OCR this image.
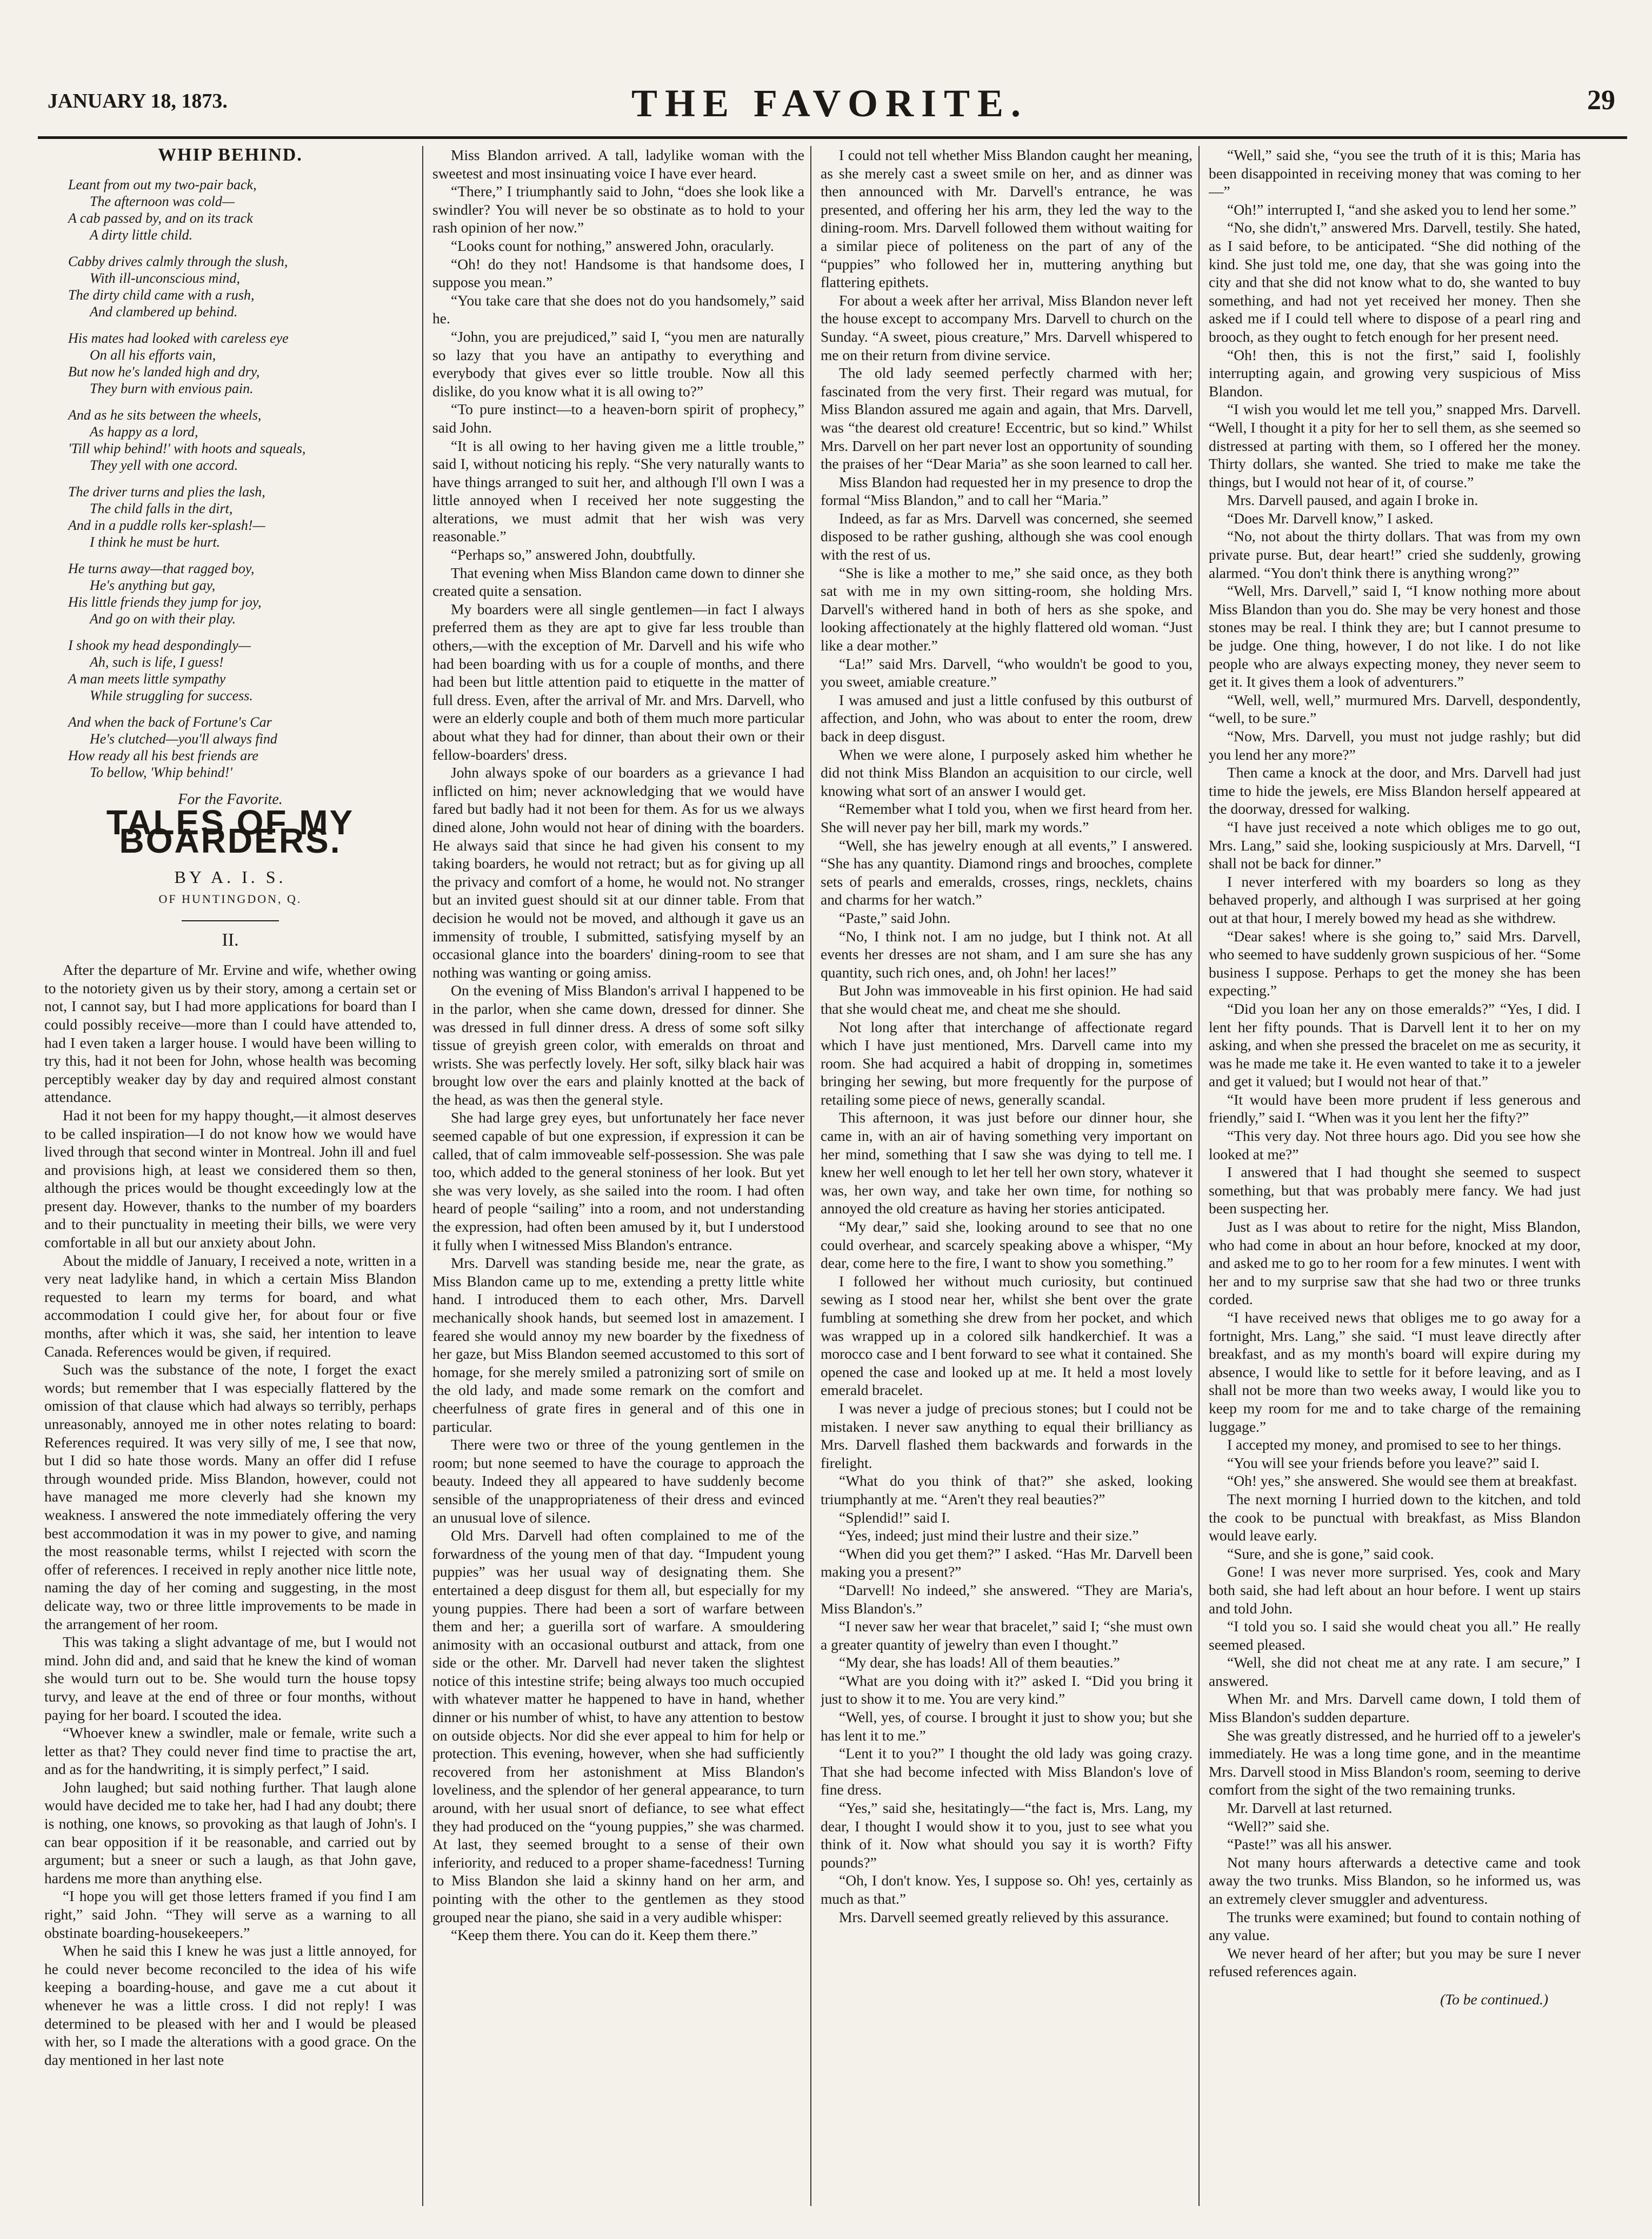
JANUARY 18, 1873.	THE FAVORITE.	29
WHIP BEHIND.
Leant from out my two-pair back,
The afternoon was cold—
A cab passed by, and on its track
A dirty little child.
Cabby drives calmly through the slush,
With ill-unconscious mind,
The dirty child came with a rush,
And clambered up behind.
His mates had looked with careless eye
On all his efforts vain,
But now he's landed high and dry,
They burn with envious pain.
And as he sits between the wheels,
As happy as a lord,
'Till whip behind!' with hoots and squeals,
They yell with one accord.
The driver turns and plies the lash,
The child falls in the dirt,
And in a puddle rolls ker-splash!—
I think he must be hurt.
He turns away—that ragged boy,
He's anything but gay,
His little friends they jump for joy,
And go on with their play.
I shook my head despondingly—
Ah, such is life, I guess!
A man meets little sympathy
While struggling for success.
And when the back of Fortune's Car
He's clutched—you'll always find
How ready all his best friends are
To bellow, 'Whip behind!'
For the Favorite.
TALES OF MY BOARDERS.
BY A. I. S.
OF HUNTINGDON, Q.
II.

After the departure of Mr. Ervine and wife, whether owing to the notoriety given us by their story, among a certain set or not, I cannot say, but I had more applications for board than I could possibly receive—more than I could have attended to, had I even taken a larger house. I would have been willing to try this, had it not been for John, whose health was becoming perceptibly weaker day by day and required almost constant attendance.

Had it not been for my happy thought,—it almost deserves to be called inspiration—I do not know how we would have lived through that second winter in Montreal. John ill and fuel and provisions high, at least we considered them so then, although the prices would be thought exceedingly low at the present day. However, thanks to the number of my boarders and to their punctuality in meeting their bills, we were very comfortable in all but our anxiety about John.

About the middle of January, I received a note, written in a very neat ladylike hand, in which a certain Miss Blandon requested to learn my terms for board, and what accommodation I could give her, for about four or five months, after which it was, she said, her intention to leave Canada. References would be given, if required.

Such was the substance of the note, I forget the exact words; but remember that I was especially flattered by the omission of that clause which had always so terribly, perhaps unreasonably, annoyed me in other notes relating to board: References required. It was very silly of me, I see that now, but I did so hate those words. Many an offer did I refuse through wounded pride. Miss Blandon, however, could not have managed me more cleverly had she known my weakness. I answered the note immediately offering the very best accommodation it was in my power to give, and naming the most reasonable terms, whilst I rejected with scorn the offer of references. I received in reply another nice little note, naming the day of her coming and suggesting, in the most delicate way, two or three little improvements to be made in the arrangement of her room.

This was taking a slight advantage of me, but I would not mind. John did and, and said that he knew the kind of woman she would turn out to be. She would turn the house topsy turvy, and leave at the end of three or four months, without paying for her board. I scouted the idea.

“Whoever knew a swindler, male or female, write such a letter as that? They could never find time to practise the art, and as for the handwriting, it is simply perfect,” I said.

John laughed; but said nothing further. That laugh alone would have decided me to take her, had I had any doubt; there is nothing, one knows, so provoking as that laugh of John's. I can bear opposition if it be reasonable, and carried out by argument; but a sneer or such a laugh, as that John gave, hardens me more than anything else.

“I hope you will get those letters framed if you find I am right,” said John. “They will serve as a warning to all obstinate boarding-housekeepers.”

When he said this I knew he was just a little annoyed, for he could never become reconciled to the idea of his wife keeping a boarding-house, and gave me a cut about it whenever he was a little cross. I did not reply! I was determined to be pleased with her and I would be pleased with her, so I made the alterations with a good grace. On the day mentioned in her last note

Miss Blandon arrived. A tall, ladylike woman with the sweetest and most insinuating voice I have ever heard.

“There,” I triumphantly said to John, “does she look like a swindler? You will never be so obstinate as to hold to your rash opinion of her now.”

“Looks count for nothing,” answered John, oracularly.

“Oh! do they not! Handsome is that handsome does, I suppose you mean.”

“You take care that she does not do you handsomely,” said he.

“John, you are prejudiced,” said I, “you men are naturally so lazy that you have an antipathy to everything and everybody that gives ever so little trouble. Now all this dislike, do you know what it is all owing to?”

“To pure instinct—to a heaven-born spirit of prophecy,” said John.

“It is all owing to her having given me a little trouble,” said I, without noticing his reply. “She very naturally wants to have things arranged to suit her, and although I'll own I was a little annoyed when I received her note suggesting the alterations, we must admit that her wish was very reasonable.”

“Perhaps so,” answered John, doubtfully.

That evening when Miss Blandon came down to dinner she created quite a sensation.

My boarders were all single gentlemen—in fact I always preferred them as they are apt to give far less trouble than others,—with the exception of Mr. Darvell and his wife who had been boarding with us for a couple of months, and there had been but little attention paid to etiquette in the matter of full dress. Even, after the arrival of Mr. and Mrs. Darvell, who were an elderly couple and both of them much more particular about what they had for dinner, than about their own or their fellow-boarders' dress.

John always spoke of our boarders as a grievance I had inflicted on him; never acknowledging that we would have fared but badly had it not been for them. As for us we always dined alone, John would not hear of dining with the boarders. He always said that since he had given his consent to my taking boarders, he would not retract; but as for giving up all the privacy and comfort of a home, he would not. No stranger but an invited guest should sit at our dinner table. From that decision he would not be moved, and although it gave us an immensity of trouble, I submitted, satisfying myself by an occasional glance into the boarders' dining-room to see that nothing was wanting or going amiss.

On the evening of Miss Blandon's arrival I happened to be in the parlor, when she came down, dressed for dinner. She was dressed in full dinner dress. A dress of some soft silky tissue of greyish green color, with emeralds on throat and wrists. She was perfectly lovely. Her soft, silky black hair was brought low over the ears and plainly knotted at the back of the head, as was then the general style.

She had large grey eyes, but unfortunately her face never seemed capable of but one expression, if expression it can be called, that of calm immoveable self-possession. She was pale too, which added to the general stoniness of her look. But yet she was very lovely, as she sailed into the room. I had often heard of people “sailing” into a room, and not understanding the expression, had often been amused by it, but I understood it fully when I witnessed Miss Blandon's entrance.

Mrs. Darvell was standing beside me, near the grate, as Miss Blandon came up to me, extending a pretty little white hand. I introduced them to each other, Mrs. Darvell mechanically shook hands, but seemed lost in amazement. I feared she would annoy my new boarder by the fixedness of her gaze, but Miss Blandon seemed accustomed to this sort of homage, for she merely smiled a patronizing sort of smile on the old lady, and made some remark on the comfort and cheerfulness of grate fires in general and of this one in particular.

There were two or three of the young gentlemen in the room; but none seemed to have the courage to approach the beauty. Indeed they all appeared to have suddenly become sensible of the unappropriateness of their dress and evinced an unusual love of silence.

Old Mrs. Darvell had often complained to me of the forwardness of the young men of that day. “Impudent young puppies” was her usual way of designating them. She entertained a deep disgust for them all, but especially for my young puppies. There had been a sort of warfare between them and her; a guerilla sort of warfare. A smouldering animosity with an occasional outburst and attack, from one side or the other. Mr. Darvell had never taken the slightest notice of this intestine strife; being always too much occupied with whatever matter he happened to have in hand, whether dinner or his number of whist, to have any attention to bestow on outside objects. Nor did she ever appeal to him for help or protection. This evening, however, when she had sufficiently recovered from her astonishment at Miss Blandon's loveliness, and the splendor of her general appearance, to turn around, with her usual snort of defiance, to see what effect they had produced on the “young puppies,” she was charmed. At last, they seemed brought to a sense of their own inferiority, and reduced to a proper shame-facedness! Turning to Miss Blandon she laid a skinny hand on her arm, and pointing with the other to the gentlemen as they stood grouped near the piano, she said in a very audible whisper:

“Keep them there. You can do it. Keep them there.”

I could not tell whether Miss Blandon caught her meaning, as she merely cast a sweet smile on her, and as dinner was then announced with Mr. Darvell's entrance, he was presented, and offering her his arm, they led the way to the dining-room. Mrs. Darvell followed them without waiting for a similar piece of politeness on the part of any of the “puppies” who followed her in, muttering anything but flattering epithets.

For about a week after her arrival, Miss Blandon never left the house except to accompany Mrs. Darvell to church on the Sunday. “A sweet, pious creature,” Mrs. Darvell whispered to me on their return from divine service.

The old lady seemed perfectly charmed with her; fascinated from the very first. Their regard was mutual, for Miss Blandon assured me again and again, that Mrs. Darvell, was “the dearest old creature! Eccentric, but so kind.” Whilst Mrs. Darvell on her part never lost an opportunity of sounding the praises of her “Dear Maria” as she soon learned to call her.

Miss Blandon had requested her in my presence to drop the formal “Miss Blandon,” and to call her “Maria.”

Indeed, as far as Mrs. Darvell was concerned, she seemed disposed to be rather gushing, although she was cool enough with the rest of us.

“She is like a mother to me,” she said once, as they both sat with me in my own sitting-room, she holding Mrs. Darvell's withered hand in both of hers as she spoke, and looking affectionately at the highly flattered old woman. “Just like a dear mother.”

“La!” said Mrs. Darvell, “who wouldn't be good to you, you sweet, amiable creature.”

I was amused and just a little confused by this outburst of affection, and John, who was about to enter the room, drew back in deep disgust.

When we were alone, I purposely asked him whether he did not think Miss Blandon an acquisition to our circle, well knowing what sort of an answer I would get.

“Remember what I told you, when we first heard from her. She will never pay her bill, mark my words.”

“Well, she has jewelry enough at all events,” I answered. “She has any quantity. Diamond rings and brooches, complete sets of pearls and emeralds, crosses, rings, necklets, chains and charms for her watch.”

“Paste,” said John.

“No, I think not. I am no judge, but I think not. At all events her dresses are not sham, and I am sure she has any quantity, such rich ones, and, oh John! her laces!”

But John was immoveable in his first opinion. He had said that she would cheat me, and cheat me she should.

Not long after that interchange of affectionate regard which I have just mentioned, Mrs. Darvell came into my room. She had acquired a habit of dropping in, sometimes bringing her sewing, but more frequently for the purpose of retailing some piece of news, generally scandal.

This afternoon, it was just before our dinner hour, she came in, with an air of having something very important on her mind, something that I saw she was dying to tell me. I knew her well enough to let her tell her own story, whatever it was, her own way, and take her own time, for nothing so annoyed the old creature as having her stories anticipated.

“My dear,” said she, looking around to see that no one could overhear, and scarcely speaking above a whisper, “My dear, come here to the fire, I want to show you something.”

I followed her without much curiosity, but continued sewing as I stood near her, whilst she bent over the grate fumbling at something she drew from her pocket, and which was wrapped up in a colored silk handkerchief. It was a morocco case and I bent forward to see what it contained. She opened the case and looked up at me. It held a most lovely emerald bracelet.

I was never a judge of precious stones; but I could not be mistaken. I never saw anything to equal their brilliancy as Mrs. Darvell flashed them backwards and forwards in the firelight.

“What do you think of that?” she asked, looking triumphantly at me. “Aren't they real beauties?”

“Splendid!” said I.

“Yes, indeed; just mind their lustre and their size.”

“When did you get them?” I asked. “Has Mr. Darvell been making you a present?”

“Darvell! No indeed,” she answered. “They are Maria's, Miss Blandon's.”

“I never saw her wear that bracelet,” said I; “she must own a greater quantity of jewelry than even I thought.”

“My dear, she has loads! All of them beauties.”

“What are you doing with it?” asked I. “Did you bring it just to show it to me. You are very kind.”

“Well, yes, of course. I brought it just to show you; but she has lent it to me.”

“Lent it to you?” I thought the old lady was going crazy. That she had become infected with Miss Blandon's love of fine dress.

“Yes,” said she, hesitatingly—“the fact is, Mrs. Lang, my dear, I thought I would show it to you, just to see what you think of it. Now what should you say it is worth? Fifty pounds?”

“Oh, I don't know. Yes, I suppose so. Oh! yes, certainly as much as that.”

Mrs. Darvell seemed greatly relieved by this assurance.

“Well,” said she, “you see the truth of it is this; Maria has been disappointed in receiving money that was coming to her—”

“Oh!” interrupted I, “and she asked you to lend her some.”

“No, she didn't,” answered Mrs. Darvell, testily. She hated, as I said before, to be anticipated. “She did nothing of the kind. She just told me, one day, that she was going into the city and that she did not know what to do, she wanted to buy something, and had not yet received her money. Then she asked me if I could tell where to dispose of a pearl ring and brooch, as they ought to fetch enough for her present need.

“Oh! then, this is not the first,” said I, foolishly interrupting again, and growing very suspicious of Miss Blandon.

“I wish you would let me tell you,” snapped Mrs. Darvell. “Well, I thought it a pity for her to sell them, as she seemed so distressed at parting with them, so I offered her the money. Thirty dollars, she wanted. She tried to make me take the things, but I would not hear of it, of course.”

Mrs. Darvell paused, and again I broke in.

“Does Mr. Darvell know,” I asked.

“No, not about the thirty dollars. That was from my own private purse. But, dear heart!” cried she suddenly, growing alarmed. “You don't think there is anything wrong?”

“Well, Mrs. Darvell,” said I, “I know nothing more about Miss Blandon than you do. She may be very honest and those stones may be real. I think they are; but I cannot presume to be judge. One thing, however, I do not like. I do not like people who are always expecting money, they never seem to get it. It gives them a look of adventurers.”

“Well, well, well,” murmured Mrs. Darvell, despondently, “well, to be sure.”

“Now, Mrs. Darvell, you must not judge rashly; but did you lend her any more?”

Then came a knock at the door, and Mrs. Darvell had just time to hide the jewels, ere Miss Blandon herself appeared at the doorway, dressed for walking.

“I have just received a note which obliges me to go out, Mrs. Lang,” said she, looking suspiciously at Mrs. Darvell, “I shall not be back for dinner.”

I never interfered with my boarders so long as they behaved properly, and although I was surprised at her going out at that hour, I merely bowed my head as she withdrew.

“Dear sakes! where is she going to,” said Mrs. Darvell, who seemed to have suddenly grown suspicious of her. “Some business I suppose. Perhaps to get the money she has been expecting.”

“Did you loan her any on those emeralds?” “Yes, I did. I lent her fifty pounds. That is Darvell lent it to her on my asking, and when she pressed the bracelet on me as security, it was he made me take it. He even wanted to take it to a jeweler and get it valued; but I would not hear of that.”

“It would have been more prudent if less generous and friendly,” said I. “When was it you lent her the fifty?”

“This very day. Not three hours ago. Did you see how she looked at me?”

I answered that I had thought she seemed to suspect something, but that was probably mere fancy. We had just been suspecting her.

Just as I was about to retire for the night, Miss Blandon, who had come in about an hour before, knocked at my door, and asked me to go to her room for a few minutes. I went with her and to my surprise saw that she had two or three trunks corded.

“I have received news that obliges me to go away for a fortnight, Mrs. Lang,” she said. “I must leave directly after breakfast, and as my month's board will expire during my absence, I would like to settle for it before leaving, and as I shall not be more than two weeks away, I would like you to keep my room for me and to take charge of the remaining luggage.”

I accepted my money, and promised to see to her things.

“You will see your friends before you leave?” said I.

“Oh! yes,” she answered. She would see them at breakfast.

The next morning I hurried down to the kitchen, and told the cook to be punctual with breakfast, as Miss Blandon would leave early.

“Sure, and she is gone,” said cook.

Gone! I was never more surprised. Yes, cook and Mary both said, she had left about an hour before. I went up stairs and told John.

“I told you so. I said she would cheat you all.” He really seemed pleased.

“Well, she did not cheat me at any rate. I am secure,” I answered.

When Mr. and Mrs. Darvell came down, I told them of Miss Blandon's sudden departure.

She was greatly distressed, and he hurried off to a jeweler's immediately. He was a long time gone, and in the meantime Mrs. Darvell stood in Miss Blandon's room, seeming to derive comfort from the sight of the two remaining trunks.

Mr. Darvell at last returned.

“Well?” said she.

“Paste!” was all his answer.

Not many hours afterwards a detective came and took away the two trunks. Miss Blandon, so he informed us, was an extremely clever smuggler and adventuress.

The trunks were examined; but found to contain nothing of any value.

We never heard of her after; but you may be sure I never refused references again.

(To be continued.)
